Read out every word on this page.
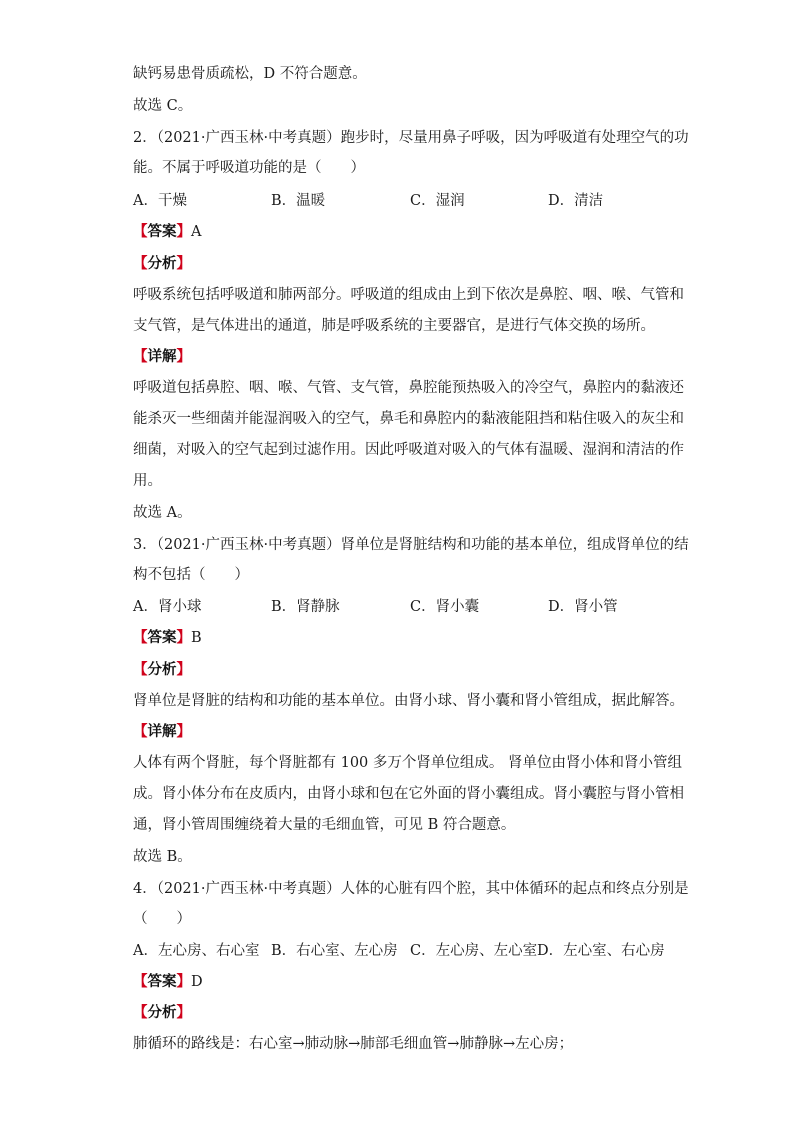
缺钙易患骨质疏松，D 不符合题意。
故选 C。
2．（2021·广西玉林·中考真题）跑步时，尽量用鼻子呼吸，因为呼吸道有处理空气的功
能。不属于呼吸道功能的是（　　）
A．干燥	B．温暖	C．湿润	D．清洁
【答案】A
【分析】
呼吸系统包括呼吸道和肺两部分。呼吸道的组成由上到下依次是鼻腔、咽、喉、气管和
支气管，是气体进出的通道，肺是呼吸系统的主要器官，是进行气体交换的场所。
【详解】
呼吸道包括鼻腔、咽、喉、气管、支气管，鼻腔能预热吸入的冷空气，鼻腔内的黏液还
能杀灭一些细菌并能湿润吸入的空气，鼻毛和鼻腔内的黏液能阻挡和粘住吸入的灰尘和
细菌，对吸入的空气起到过滤作用。因此呼吸道对吸入的气体有温暖、湿润和清洁的作
用。
故选 A。
3．（2021·广西玉林·中考真题）肾单位是肾脏结构和功能的基本单位，组成肾单位的结
构不包括（　　）
A．肾小球	B．肾静脉	C．肾小囊	D．肾小管
【答案】B
【分析】
肾单位是肾脏的结构和功能的基本单位。由肾小球、肾小囊和肾小管组成，据此解答。
【详解】
人体有两个肾脏，每个肾脏都有 100 多万个肾单位组成。 肾单位由肾小体和肾小管组
成。肾小体分布在皮质内，由肾小球和包在它外面的肾小囊组成。肾小囊腔与肾小管相
通，肾小管周围缠绕着大量的毛细血管，可见 B 符合题意。
故选 B。
4．（2021·广西玉林·中考真题）人体的心脏有四个腔，其中体循环的起点和终点分别是
（　　）
A．左心房、右心室 B．右心室、左心房 C．左心房、左心室 D．左心室、右心房
【答案】D
【分析】
肺循环的路线是：右心室→肺动脉→肺部毛细血管→肺静脉→左心房；
